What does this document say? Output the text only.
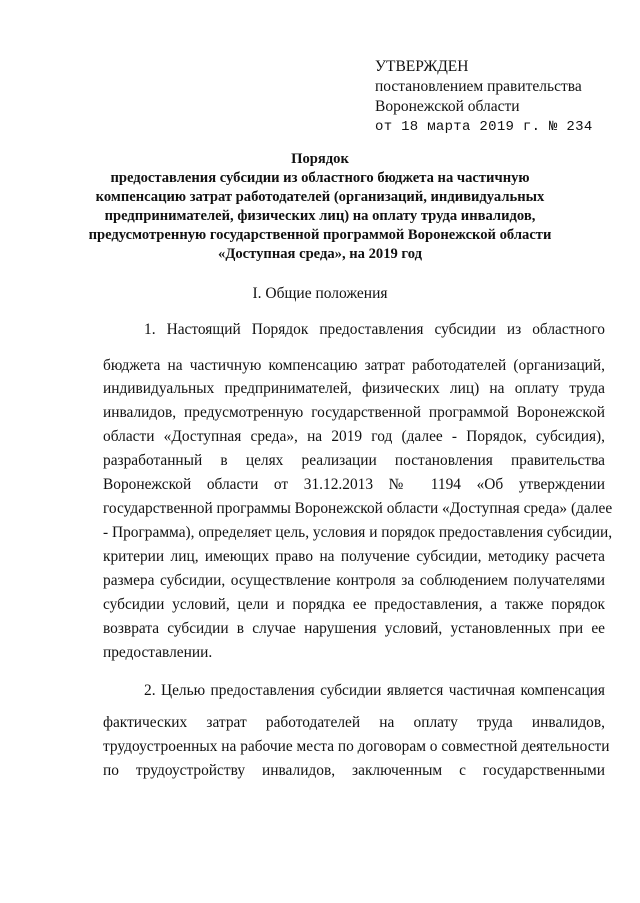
УТВЕРЖДЕН
постановлением правительства
Воронежской области
от 18 марта 2019 г. № 234
Порядок
предоставления субсидии из областного бюджета на частичную
компенсацию затрат работодателей (организаций, индивидуальных
предпринимателей, физических лиц) на оплату труда инвалидов,
предусмотренную государственной программой Воронежской области
«Доступная среда», на 2019 год
I. Общие положения
1. Настоящий Порядок предоставления субсидии из областного
бюджета на частичную компенсацию затрат работодателей (организаций,
индивидуальных предпринимателей, физических лиц) на оплату труда
инвалидов, предусмотренную государственной программой Воронежской
области «Доступная среда», на 2019 год (далее - Порядок, субсидия),
разработанный в целях реализации постановления правительства
Воронежской области от 31.12.2013 № 1194 «Об утверждении
государственной программы Воронежской области «Доступная среда» (далее
- Программа), определяет цель, условия и порядок предоставления субсидии,
критерии лиц, имеющих право на получение субсидии, методику расчета
размера субсидии, осуществление контроля за соблюдением получателями
субсидии условий, цели и порядка ее предоставления, а также порядок
возврата субсидии в случае нарушения условий, установленных при ее
предоставлении.
2. Целью предоставления субсидии является частичная компенсация
фактических затрат работодателей на оплату труда инвалидов,
трудоустроенных на рабочие места по договорам о совместной деятельности
по трудоустройству инвалидов, заключенным с государственными
